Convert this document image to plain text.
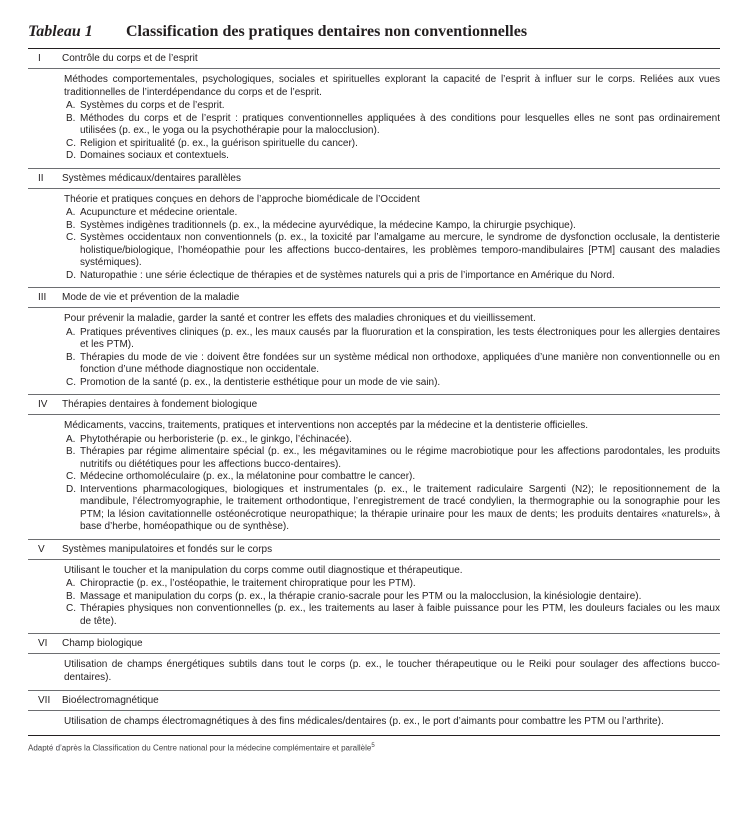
Tableau 1	Classification des pratiques dentaires non conventionnelles
I	Contrôle du corps et de l’esprit

Méthodes comportementales, psychologiques, sociales et spirituelles explorant la capacité de l’esprit à influer sur le corps. Reliées aux vues traditionnelles de l’interdépendance du corps et de l’esprit.

A. Systèmes du corps et de l’esprit.
B. Méthodes du corps et de l’esprit : pratiques conventionnelles appliquées à des conditions pour lesquelles elles ne sont pas ordinairement utilisées (p. ex., le yoga ou la psychothérapie pour la malocclusion).
C. Religion et spiritualité (p. ex., la guérison spirituelle du cancer).
D. Domaines sociaux et contextuels.
II	Systèmes médicaux/dentaires parallèles

Théorie et pratiques conçues en dehors de l’approche biomédicale de l’Occident

A. Acupuncture et médecine orientale.
B. Systèmes indigènes traditionnels (p. ex., la médecine ayurvédique, la médecine Kampo, la chirurgie psychique).
C. Systèmes occidentaux non conventionnels (p. ex., la toxicité par l’amalgame au mercure, le syndrome de dysfonction occlusale, la dentisterie holistique/biologique, l’homéopathie pour les affections bucco-dentaires, les problèmes temporo-mandibulaires [PTM] causant des maladies systémiques).
D. Naturopathie : une série éclectique de thérapies et de systèmes naturels qui a pris de l’importance en Amérique du Nord.
III	Mode de vie et prévention de la maladie

Pour prévenir la maladie, garder la santé et contrer les effets des maladies chroniques et du vieillissement.

A. Pratiques préventives cliniques (p. ex., les maux causés par la fluoruration et la conspiration, les tests électroniques pour les allergies dentaires et les PTM).
B. Thérapies du mode de vie : doivent être fondées sur un système médical non orthodoxe, appliquées d’une manière non conventionnelle ou en fonction d’une méthode diagnostique non occidentale.
C. Promotion de la santé (p. ex., la dentisterie esthétique pour un mode de vie sain).
IV	Thérapies dentaires à fondement biologique

Médicaments, vaccins, traitements, pratiques et interventions non acceptés par la médecine et la dentisterie officielles.

A. Phytothérapie ou herboristerie (p. ex., le ginkgo, l’échinacée).
B. Thérapies par régime alimentaire spécial (p. ex., les mégavitamines ou le régime macrobiotique pour les affections parodontales, les produits nutritifs ou diététiques pour les affections bucco-dentaires).
C. Médecine orthomoléculaire (p. ex., la mélatonine pour combattre le cancer).
D. Interventions pharmacologiques, biologiques et instrumentales (p. ex., le traitement radiculaire Sargenti (N2); le repositionnement de la mandibule, l’électromyographie, le traitement orthodontique, l’enregistrement de tracé condylien, la thermographie ou la sonographie pour les PTM; la lésion cavitationnelle ostéonécrotique neuropathique; la thérapie urinaire pour les maux de dents; les produits dentaires «naturels», à base d’herbe, homéopathique ou de synthèse).
V	Systèmes manipulatoires et fondés sur le corps

Utilisant le toucher et la manipulation du corps comme outil diagnostique et thérapeutique.

A. Chiropractie (p. ex., l’ostéopathie, le traitement chiropratique pour les PTM).
B. Massage et manipulation du corps (p. ex., la thérapie cranio-sacrale pour les PTM ou la malocclusion, la kinésiologie dentaire).
C. Thérapies physiques non conventionnelles (p. ex., les traitements au laser à faible puissance pour les PTM, les douleurs faciales ou les maux de tête).
VI	Champ biologique

Utilisation de champs énergétiques subtils dans tout le corps (p. ex., le toucher thérapeutique ou le Reiki pour soulager des affections bucco-dentaires).

VII	Bioélectromagnétique

Utilisation de champs électromagnétiques à des fins médicales/dentaires (p. ex., le port d’aimants pour combattre les PTM ou l’arthrite).

Adapté d’après la Classification du Centre national pour la médecine complémentaire et parallèle$^5$
